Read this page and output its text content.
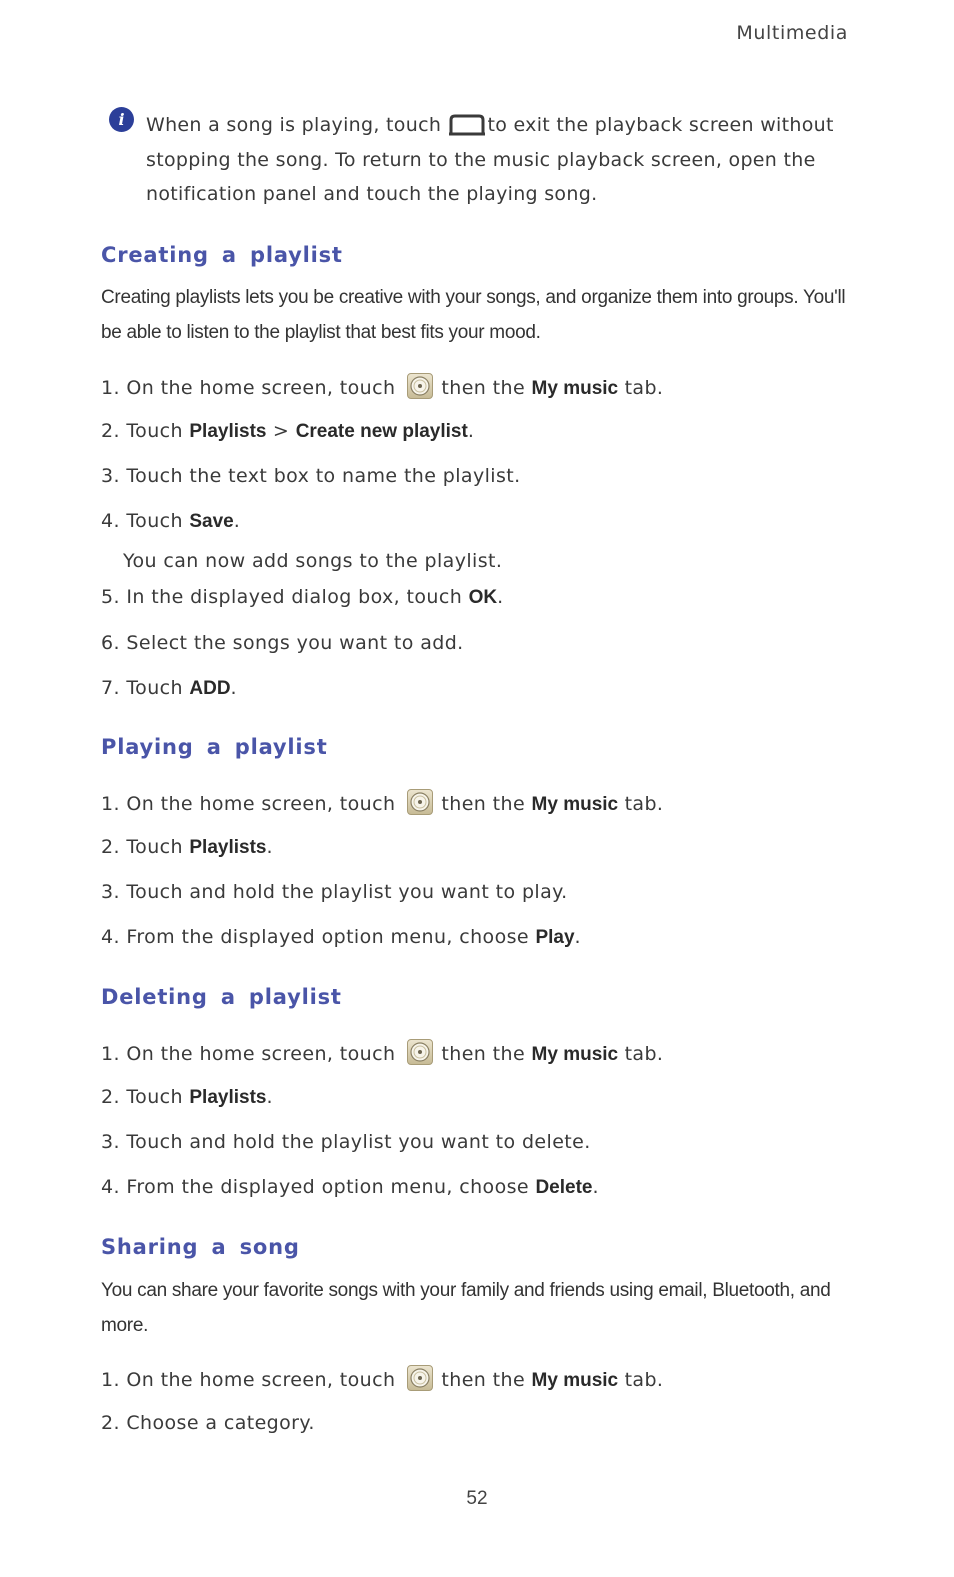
Multimedia
i	When a song is playing, touch
to exit the playback screen without stopping the song. To return to the music playback screen, open the notification panel and touch the playing song.
Creating a playlist
Creating playlists lets you be creative with your songs, and organize them into groups. You'll be able to listen to the playlist that best fits your mood.
1. On the home screen, touch then the My music tab.
2. Touch Playlists > Create new playlist.
3. Touch the text box to name the playlist.
4. Touch Save.
You can now add songs to the playlist.
5. In the displayed dialog box, touch OK.
6. Select the songs you want to add.
7. Touch ADD.
Playing a playlist
1. On the home screen, touch then the My music tab.
2. Touch Playlists.
3. Touch and hold the playlist you want to play.
4. From the displayed option menu, choose Play.
Deleting a playlist
1. On the home screen, touch then the My music tab.
2. Touch Playlists.
3. Touch and hold the playlist you want to delete.
4. From the displayed option menu, choose Delete.
Sharing a song
You can share your favorite songs with your family and friends using email, Bluetooth, and more.
1. On the home screen, touch then the My music tab.
2. Choose a category.
52
